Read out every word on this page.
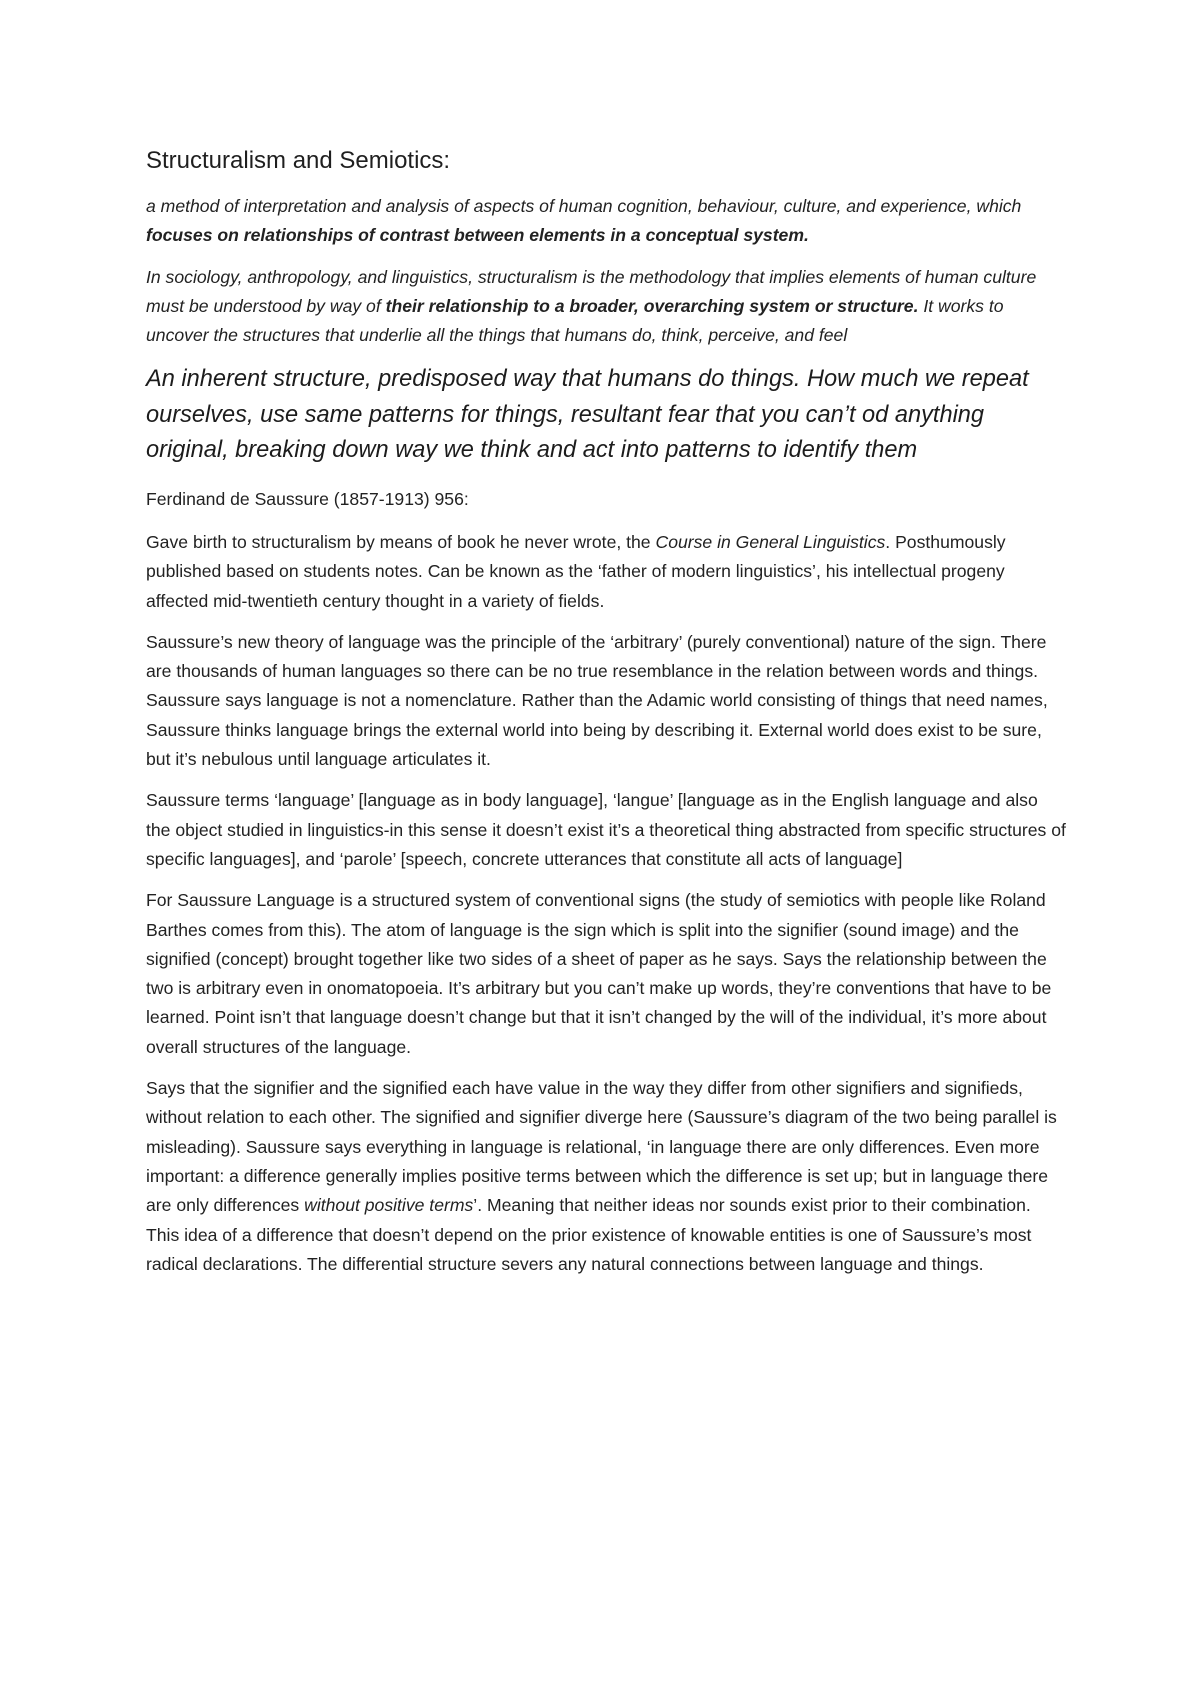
Structuralism and Semiotics:

a method of interpretation and analysis of aspects of human cognition, behaviour, culture, and experience, which focuses on relationships of contrast between elements in a conceptual system.

In sociology, anthropology, and linguistics, structuralism is the methodology that implies elements of human culture must be understood by way of their relationship to a broader, overarching system or structure. It works to uncover the structures that underlie all the things that humans do, think, perceive, and feel

An inherent structure, predisposed way that humans do things. How much we repeat ourselves, use same patterns for things, resultant fear that you can’t od anything original, breaking down way we think and act into patterns to identify them

Ferdinand de Saussure (1857-1913) 956:

Gave birth to structuralism by means of book he never wrote, the Course in General Linguistics. Posthumously published based on students notes. Can be known as the ‘father of modern linguistics’, his intellectual progeny affected mid-twentieth century thought in a variety of fields.

Saussure’s new theory of language was the principle of the ‘arbitrary’ (purely conventional) nature of the sign. There are thousands of human languages so there can be no true resemblance in the relation between words and things. Saussure says language is not a nomenclature. Rather than the Adamic world consisting of things that need names, Saussure thinks language brings the external world into being by describing it. External world does exist to be sure, but it’s nebulous until language articulates it.

Saussure terms ‘language’ [language as in body language], ‘langue’ [language as in the English language and also the object studied in linguistics-in this sense it doesn’t exist it’s a theoretical thing abstracted from specific structures of specific languages], and ‘parole’ [speech, concrete utterances that constitute all acts of language]

For Saussure Language is a structured system of conventional signs (the study of semiotics with people like Roland Barthes comes from this). The atom of language is the sign which is split into the signifier (sound image) and the signified (concept) brought together like two sides of a sheet of paper as he says. Says the relationship between the two is arbitrary even in onomatopoeia. It’s arbitrary but you can’t make up words, they’re conventions that have to be learned. Point isn’t that language doesn’t change but that it isn’t changed by the will of the individual, it’s more about overall structures of the language.

Says that the signifier and the signified each have value in the way they differ from other signifiers and signifieds, without relation to each other. The signified and signifier diverge here (Saussure’s diagram of the two being parallel is misleading). Saussure says everything in language is relational, ‘in language there are only differences. Even more important: a difference generally implies positive terms between which the difference is set up; but in language there are only differences without positive terms’. Meaning that neither ideas nor sounds exist prior to their combination. This idea of a difference that doesn’t depend on the prior existence of knowable entities is one of Saussure’s most radical declarations. The differential structure severs any natural connections between language and things.
